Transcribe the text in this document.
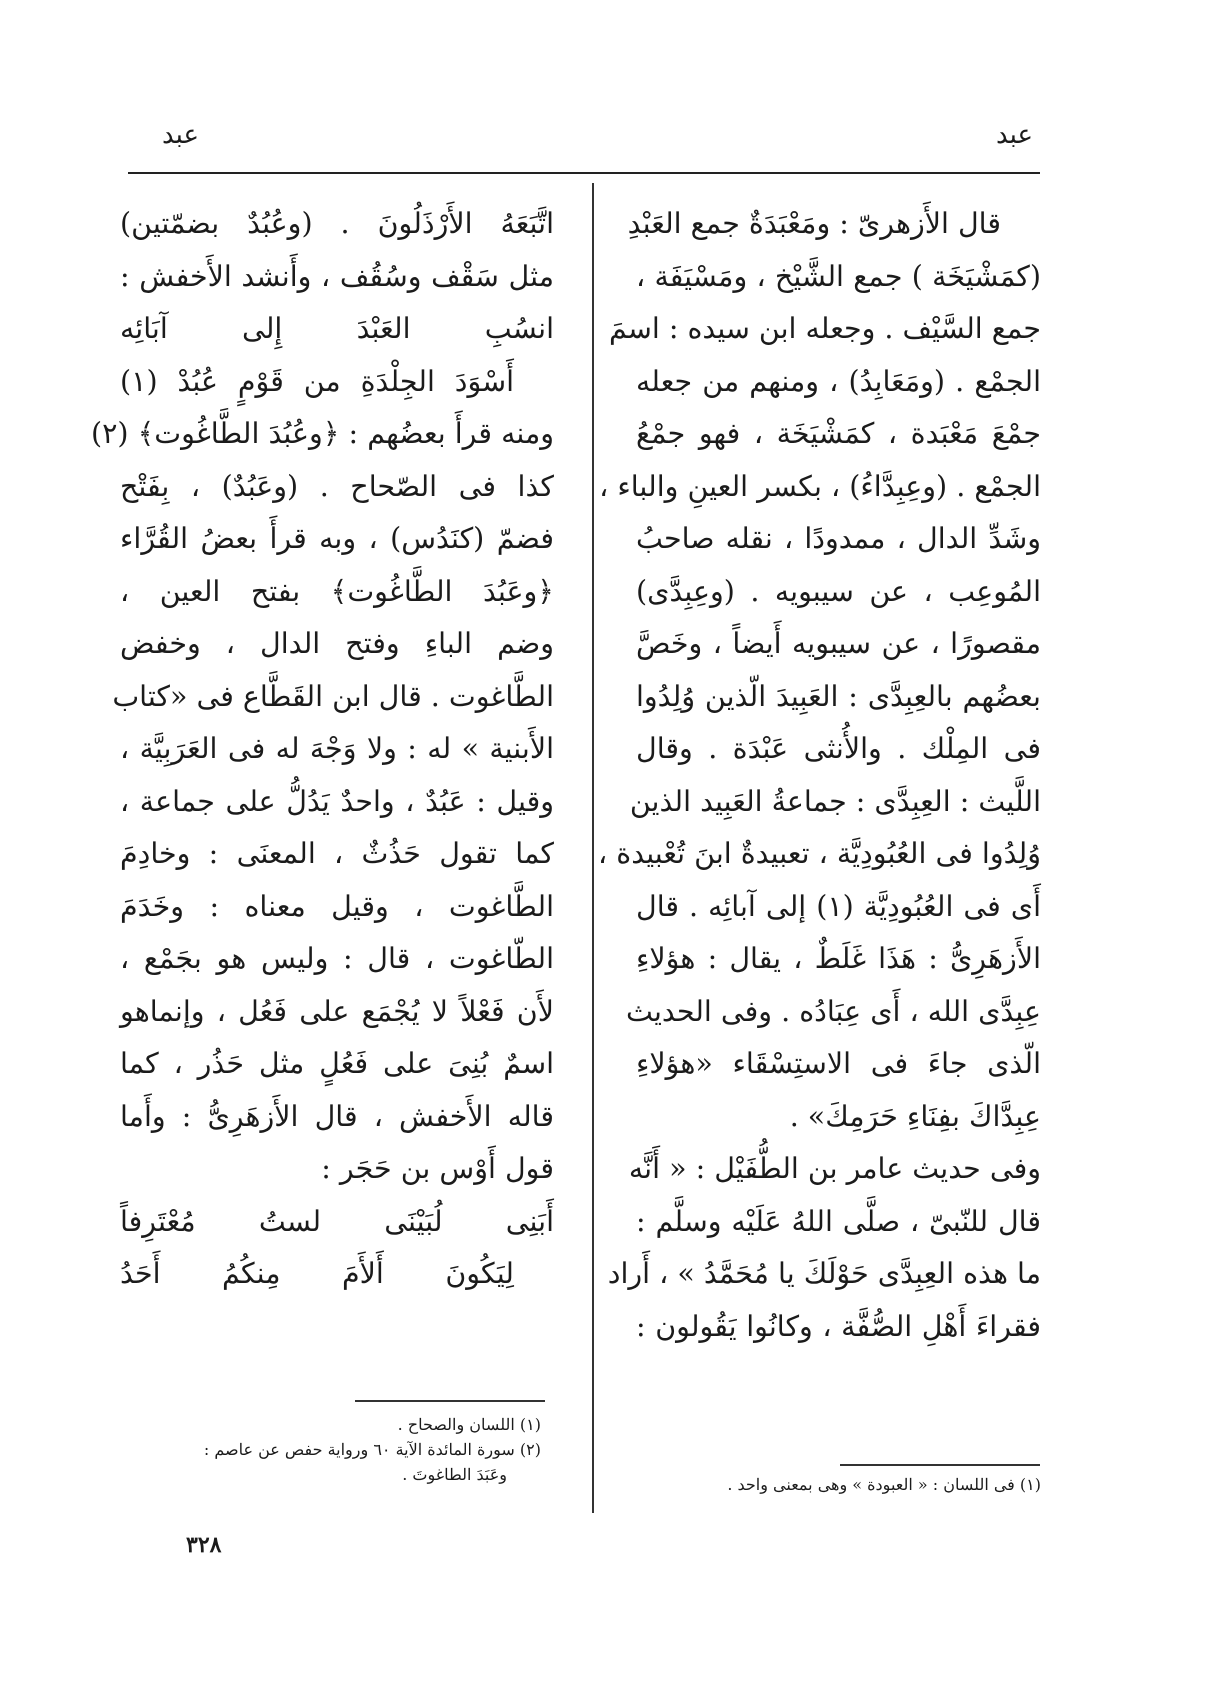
عبد
عبد
قال الأَزهرىّ : ومَعْبَدَةٌ جمع العَبْدِ
(كمَشْيَخَة ) جمع الشَّيْخ ، ومَسْيَفَة ،
جمع السَّيْف . وجعله ابن سيده : اسمَ
الجمْع . (ومَعَابِدُ) ، ومنهم من جعله
جمْعَ مَعْبَدة ، كمَشْيَخَة ، فهو جمْعُ
الجمْع . (وعِبِدَّاءُ) ، بكسر العينِ والباء ،
وشَدِّ الدال ، ممدودًا ، نقله صاحبُ
المُوعِب ، عن سيبويه . (وعِبِدَّى)
مقصورًا ، عن سيبويه أَيضاً ، وخَصَّ
بعضُهم بالعِبِدَّى : العَبِيدَ الّذين وُلِدُوا
فى المِلْك . والأُنثى عَبْدَة . وقال
اللَّيث : العِبِدَّى : جماعةُ العَبِيد الذين
وُلِدُوا فى العُبُودِيَّة ، تعبيدةٌ ابنَ تُعْبيدة ،
أَى فى العُبُودِيَّة (١) إلى آبائِه . قال
الأَزهَرِىُّ : هَذَا غَلَطٌ ، يقال : هؤلاءِ
عِبِدَّى الله ، أَى عِبَادُه . وفى الحديث
الّذى جاءَ فى الاستِسْقَاء «هؤلاءِ
عِبِدَّاكَ بفِنَاءِ حَرَمِكَ» .
وفى حديث عامر بن الطُّفَيْل : « أَنَّه
قال للنّبىّ ، صلَّى اللهُ عَلَيْه وسلَّم :
ما هذه العِبِدَّى حَوْلَكَ يا مُحَمَّدُ » ، أَراد
فقراءَ أَهْلِ الصُّفَّة ، وكانُوا يَقُولون :
اتَّبَعَهُ الأَرْذَلُونَ . (وعُبُدٌ بضمّتين)
مثل سَقْف وسُقُف ، وأَنشد الأَخفش :
انسُبِ العَبْدَ إِلى آبَائِه
أَسْوَدَ الجِلْدَةِ من قَوْمٍ عُبُدْ (١)
ومنه قرأَ بعضُهم : ﴿وعُبُدَ الطَّاغُوت﴾ (٢)
كذا فى الصّحاح . (وعَبُدٌ) ، بِفَتْح
فضمّ (كنَدُس) ، وبه قرأَ بعضُ القُرَّاء
﴿وعَبُدَ الطَّاغُوت﴾ بفتح العين ،
وضم الباءِ وفتح الدال ، وخفض
الطَّاغوت . قال ابن القَطَّاع فى «كتاب
الأَبنية » له : ولا وَجْهَ له فى العَرَبِيَّة ،
وقيل : عَبُدٌ ، واحدٌ يَدُلُّ على جماعة ،
كما تقول حَذُثٌ ، المعنَى : وخادِمَ
الطَّاغوت ، وقيل معناه : وخَدَمَ
الطّاغوت ، قال : وليس هو بجَمْع ،
لأَن فَعْلاً لا يُجْمَع على فَعُل ، وإنماهو
اسمٌ بُنِىَ على فَعُلٍ مثل حَذُر ، كما
قاله الأَخفش ، قال الأَزهَرِىُّ : وأَما
قول أَوْس بن حَجَر :
أَبَنِى لُبَيْنَى لستُ مُعْتَرِفاً
لِيَكُونَ أَلأَمَ مِنكُمُ أَحَدُ
(١) اللسان والصحاح .
(٢) سورة المائدة الآية ٦٠ ورواية حفص عن عاصم :
وعَبَدَ الطاغوتَ .
(١) فى اللسان : « العبودة » وهى بمعنى واحد .
٣٢٨
